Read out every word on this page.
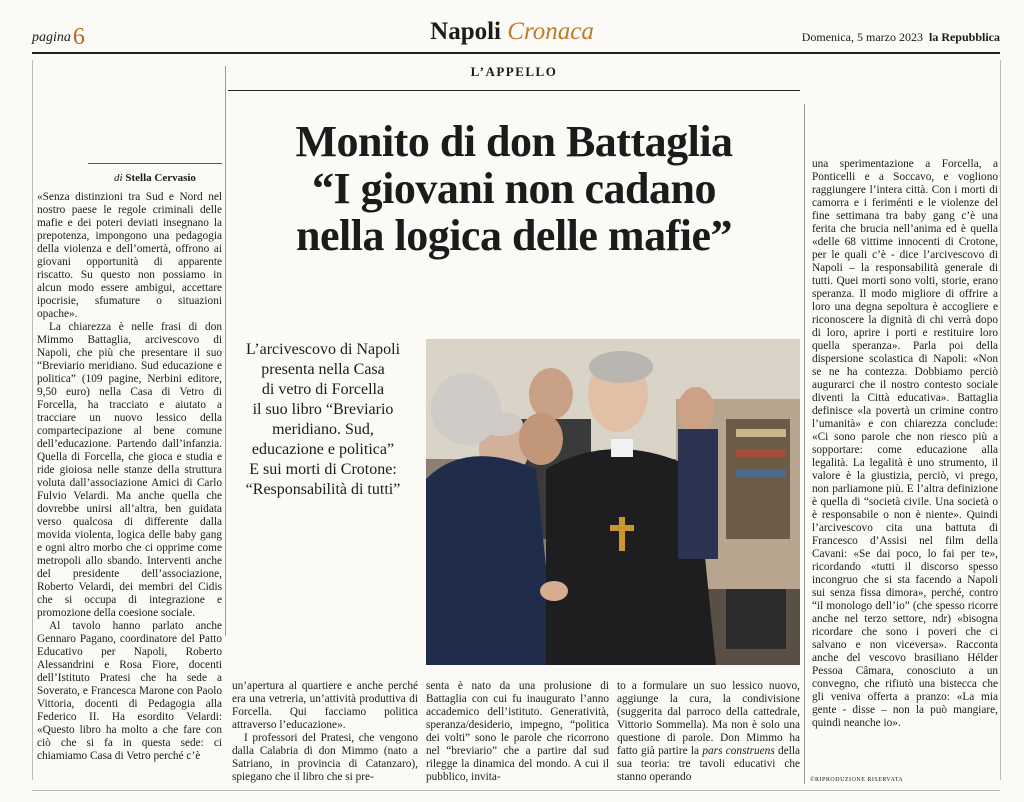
pagina6	Napoli Cronaca	Domenica, 5 marzo 2023 la Repubblica
L’APPELLO
Monito di don Battaglia
“I giovani non cadano
nella logica delle mafie”
di Stella Cervasio

«Senza distinzioni tra Sud e Nord nel nostro paese le regole criminali delle mafie e dei poteri deviati insegnano la prepotenza, impongono una pedagogia della violenza e dell’omertà, offrono ai giovani opportunità di apparente riscatto. Su questo non possiamo in alcun modo essere ambigui, accettare ipocrisie, sfumature o situazioni opache».

La chiarezza è nelle frasi di don Mimmo Battaglia, arcivescovo di Napoli, che più che presentare il suo “Breviario meridiano. Sud educazione e politica” (109 pagine, Nerbini editore, 9,50 euro) nella Casa di Vetro di Forcella, ha tracciato e aiutato a tracciare un nuovo lessico della compartecipazione al bene comune dell’educazione. Partendo dall’infanzia. Quella di Forcella, che gioca e studia e ride gioiosa nelle stanze della struttura voluta dall’associazione Amici di Carlo Fulvio Velardi. Ma anche quella che dovrebbe unirsi all’altra, ben guidata verso qualcosa di differente dalla movida violenta, logica delle baby gang e ogni altro morbo che ci opprime come metropoli allo sbando. Interventi anche del presidente dell’associazione, Roberto Velardi, dei membri del Cidis che si occupa di integrazione e promozione della coesione sociale.

Al tavolo hanno parlato anche Gennaro Pagano, coordinatore del Patto Educativo per Napoli, Roberto Alessandrini e Rosa Fiore, docenti dell’Istituto Pratesi che ha sede a Soverato, e Francesca Marone con Paolo Vittoria, docenti di Pedagogia alla Federico II. Ha esordito Velardi: «Questo libro ha molto a che fare con ciò che si fa in questa sede: ci chiamiamo Casa di Vetro perché c’è

L’arcivescovo di Napoli
presenta nella Casa
di vetro di Forcella
il suo libro “Breviario
meridiano. Sud,
educazione e politica”
E sui morti di Crotone:
“Responsabilità di tutti”

un’apertura al quartiere e anche perché era una vetreria, un’attività produttiva di Forcella. Qui facciamo politica attraverso l’educazione».

I professori del Pratesi, che vengono dalla Calabria di don Mimmo (nato a Satriano, in provincia di Catanzaro), spiegano che il libro che si pre-

senta è nato da una prolusione di Battaglia con cui fu inaugurato l’anno accademico dell’istituto. Generatività, speranza/desiderio, impegno, “politica dei volti” sono le parole che ricorrono nel “breviario” che a partire dal sud rilegge la dinamica del mondo. A cui il pubblico, invita-

to a formulare un suo lessico nuovo, aggiunge la cura, la condivisione (suggerita dal parroco della cattedrale, Vittorio Sommella). Ma non è solo una questione di parole. Don Mimmo ha fatto già partire la pars construens della sua teoria: tre tavoli educativi che stanno operando

una sperimentazione a Forcella, a Ponticelli e a Soccavo, e vogliono raggiungere l’intera città. Con i morti di camorra e i feriménti e le violenze del fine settimana tra baby gang c’è una ferita che brucia nell’anima ed è quella «delle 68 vittime innocenti di Crotone, per le quali c’è - dice l’arcivescovo di Napoli – la responsabilità generale di tutti. Quei morti sono volti, storie, erano speranza. Il modo migliore di offrire a loro una degna sepoltura è accogliere e riconoscere la dignità di chi verrà dopo di loro, aprire i porti e restituire loro quella speranza». Parla poi della dispersione scolastica di Napoli: «Non se ne ha contezza. Dobbiamo perciò augurarci che il nostro contesto sociale diventi la Città educativa». Battaglia definisce «la povertà un crimine contro l’umanità» e con chiarezza conclude: «Ci sono parole che non riesco più a sopportare: come educazione alla legalità. La legalità è uno strumento, il valore è la giustizia, perciò, vi prego, non parliamone più. E l’altra definizione è quella di “società civile. Una società o è responsabile o non è niente». Quindi l’arcivescovo cita una battuta di Francesco d’Assisi nel film della Cavani: «Se dai poco, lo fai per te», ricordando «tutti il discorso spesso incongruo che si sta facendo a Napoli sui senza fissa dimora», perché, contro “il monologo dell’io” (che spesso ricorre anche nel terzo settore, ndr) «bisogna ricordare che sono i poveri che ci salvano e non viceversa». Racconta anche del vescovo brasiliano Hélder Pessoa Câmara, conosciuto a un convegno, che rifiutò una bistecca che gli veniva offerta a pranzo: «La mia gente - disse – non la può mangiare, quindi neanche io».

©RIPRODUZIONE RISERVATA
